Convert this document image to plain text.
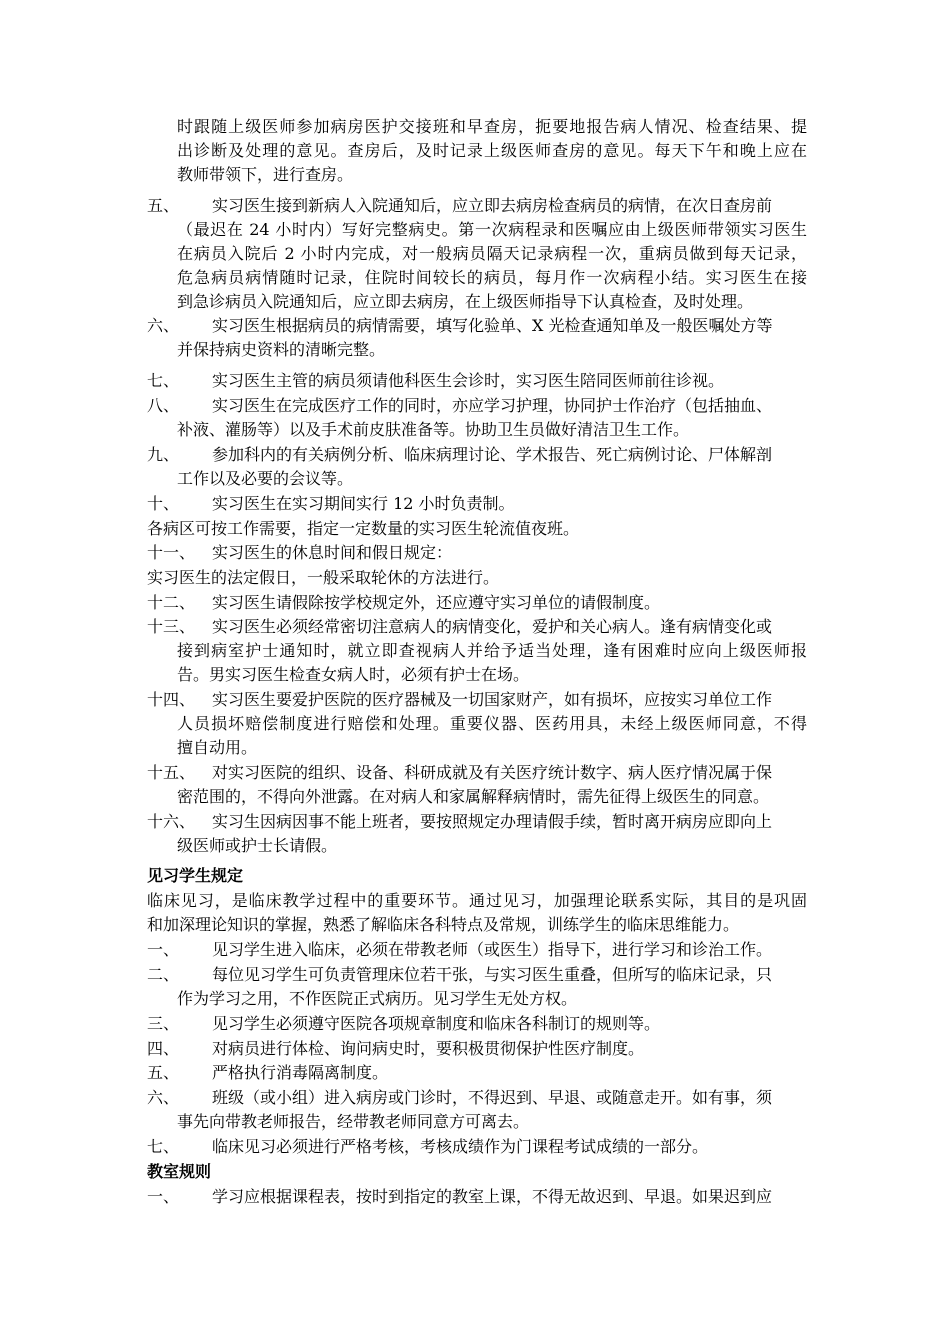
时跟随上级医师参加病房医护交接班和早查房，扼要地报告病人情况、检查结果、提
出诊断及处理的意见。查房后，及时记录上级医师查房的意见。每天下午和晚上应在
教师带领下，进行查房。
五、 实习医生接到新病人入院通知后，应立即去病房检查病员的病情，在次日查房前
（最迟在 24 小时内）写好完整病史。第一次病程录和医嘱应由上级医师带领实习医生
在病员入院后 2 小时内完成，对一般病员隔天记录病程一次，重病员做到每天记录，
危急病员病情随时记录，住院时间较长的病员，每月作一次病程小结。实习医生在接
到急诊病员入院通知后，应立即去病房，在上级医师指导下认真检查，及时处理。
六、 实习医生根据病员的病情需要，填写化验单、X 光检查通知单及一般医嘱处方等
并保持病史资料的清晰完整。
七、 实习医生主管的病员须请他科医生会诊时，实习医生陪同医师前往诊视。
八、 实习医生在完成医疗工作的同时，亦应学习护理，协同护士作治疗（包括抽血、
补液、灌肠等）以及手术前皮肤准备等。协助卫生员做好清洁卫生工作。
九、 参加科内的有关病例分析、临床病理讨论、学术报告、死亡病例讨论、尸体解剖
工作以及必要的会议等。
十、 实习医生在实习期间实行 12 小时负责制。
各病区可按工作需要，指定一定数量的实习医生轮流值夜班。
十一、 实习医生的休息时间和假日规定：
实习医生的法定假日，一般采取轮休的方法进行。
十二、 实习医生请假除按学校规定外，还应遵守实习单位的请假制度。
十三、 实习医生必须经常密切注意病人的病情变化，爱护和关心病人。逢有病情变化或
接到病室护士通知时，就立即查视病人并给予适当处理，逢有困难时应向上级医师报
告。男实习医生检查女病人时，必须有护士在场。
十四、 实习医生要爱护医院的医疗器械及一切国家财产，如有损坏，应按实习单位工作
人员损坏赔偿制度进行赔偿和处理。重要仪器、医药用具，未经上级医师同意，不得
擅自动用。
十五、 对实习医院的组织、设备、科研成就及有关医疗统计数字、病人医疗情况属于保
密范围的，不得向外泄露。在对病人和家属解释病情时，需先征得上级医生的同意。
十六、 实习生因病因事不能上班者，要按照规定办理请假手续，暂时离开病房应即向上
级医师或护士长请假。
见习学生规定
临床见习，是临床教学过程中的重要环节。通过见习，加强理论联系实际，其目的是巩固
和加深理论知识的掌握，熟悉了解临床各科特点及常规，训练学生的临床思维能力。
一、 见习学生进入临床，必须在带教老师（或医生）指导下，进行学习和诊治工作。
二、 每位见习学生可负责管理床位若干张，与实习医生重叠，但所写的临床记录，只
作为学习之用，不作医院正式病历。见习学生无处方权。
三、 见习学生必须遵守医院各项规章制度和临床各科制订的规则等。
四、 对病员进行体检、询问病史时，要积极贯彻保护性医疗制度。
五、 严格执行消毒隔离制度。
六、 班级（或小组）进入病房或门诊时，不得迟到、早退、或随意走开。如有事，须
事先向带教老师报告，经带教老师同意方可离去。
七、 临床见习必须进行严格考核，考核成绩作为门课程考试成绩的一部分。
教室规则
一、 学习应根据课程表，按时到指定的教室上课，不得无故迟到、早退。如果迟到应
